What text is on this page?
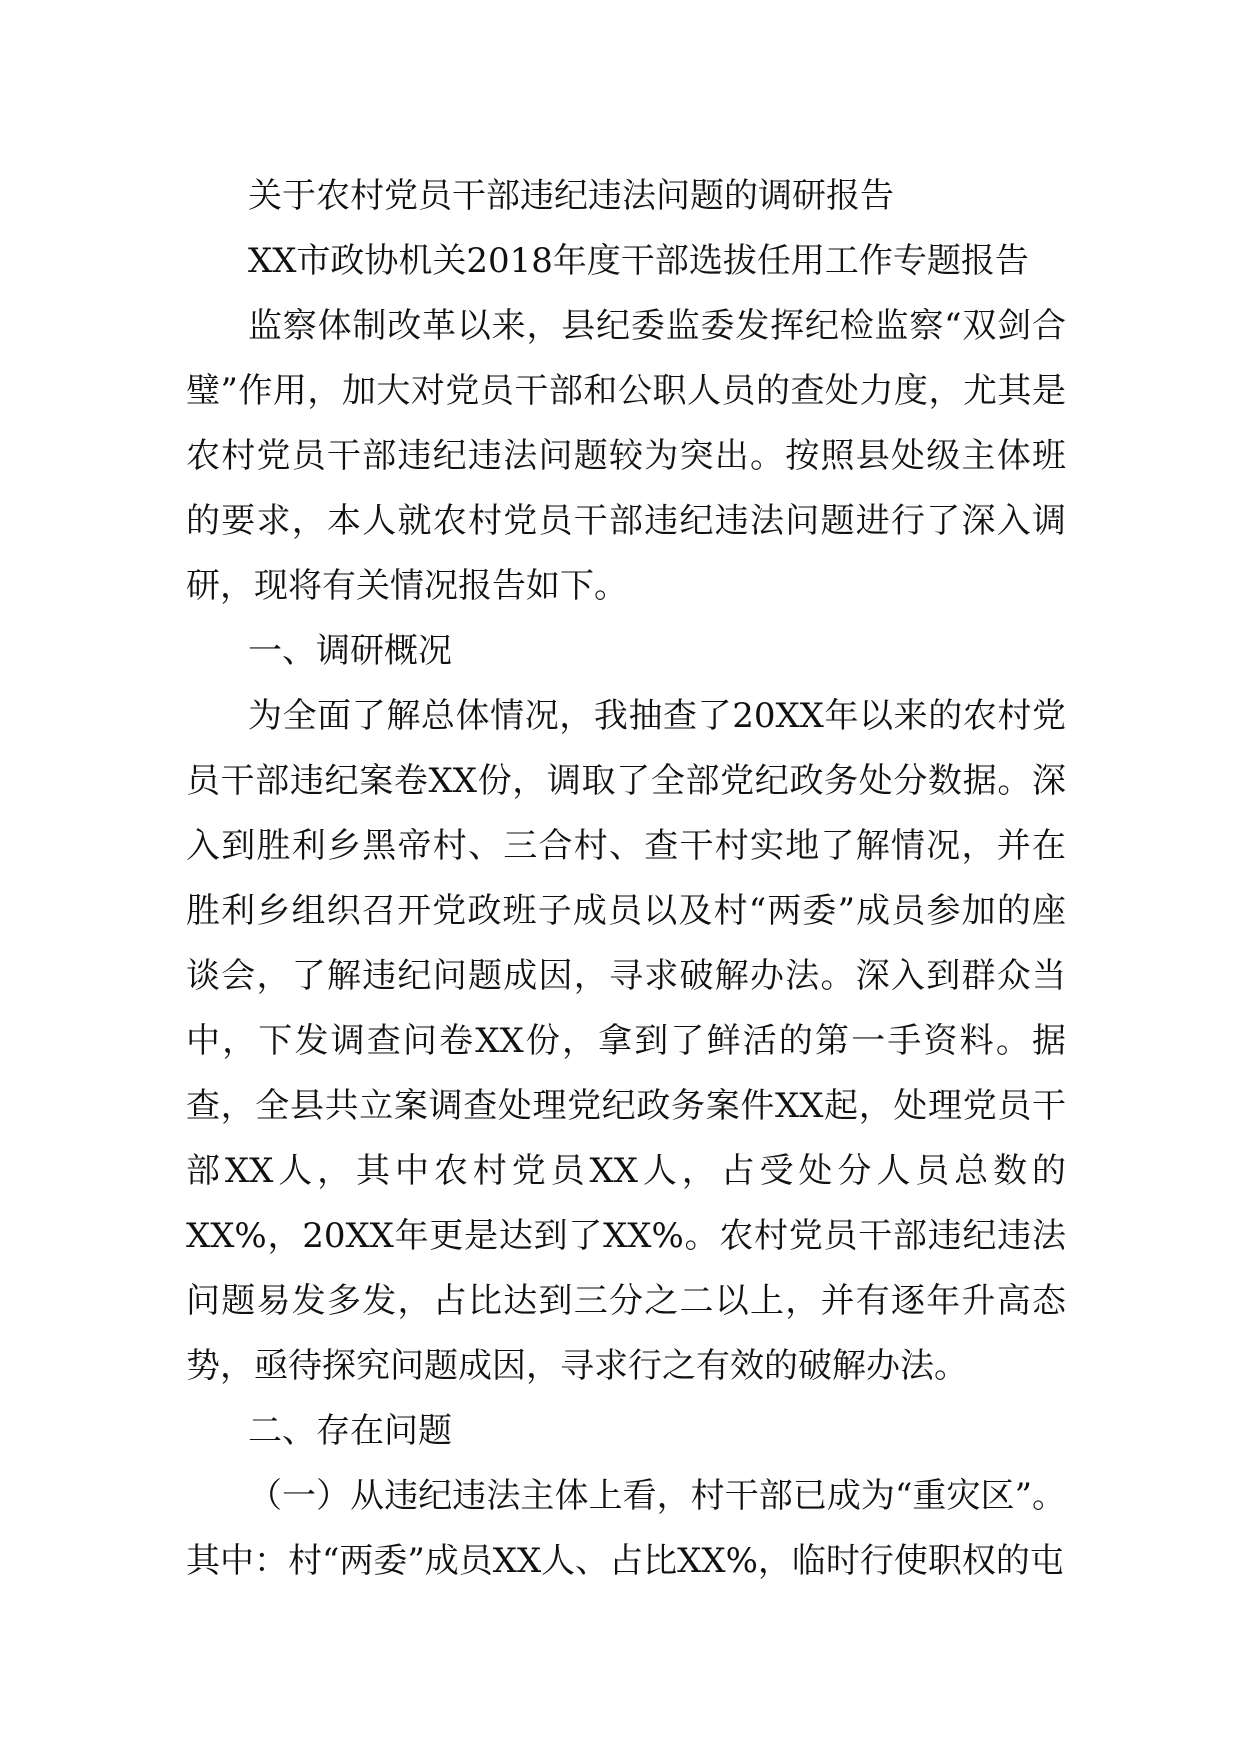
关于农村党员干部违纪违法问题的调研报告

XX市政协机关2018年度干部选拔任用工作专题报告

监察体制改革以来，县纪委监委发挥纪检监察“双剑合璧”作用，加大对党员干部和公职人员的查处力度，尤其是农村党员干部违纪违法问题较为突出。按照县处级主体班的要求，本人就农村党员干部违纪违法问题进行了深入调研，现将有关情况报告如下。

一、调研概况

为全面了解总体情况，我抽查了20XX年以来的农村党员干部违纪案卷XX份，调取了全部党纪政务处分数据。深入到胜利乡黑帝村、三合村、查干村实地了解情况，并在胜利乡组织召开党政班子成员以及村“两委”成员参加的座谈会，了解违纪问题成因，寻求破解办法。深入到群众当中，下发调查问卷XX份，拿到了鲜活的第一手资料。据查，全县共立案调查处理党纪政务案件XX起，处理党员干部XX人，其中农村党员XX人，占受处分人员总数的XX%，20XX年更是达到了XX%。农村党员干部违纪违法问题易发多发，占比达到三分之二以上，并有逐年升高态势，亟待探究问题成因，寻求行之有效的破解办法。

二、存在问题

（一）从违纪违法主体上看，村干部已成为“重灾区”。其中：村“两委”成员XX人、占比XX%，临时行使职权的屯
